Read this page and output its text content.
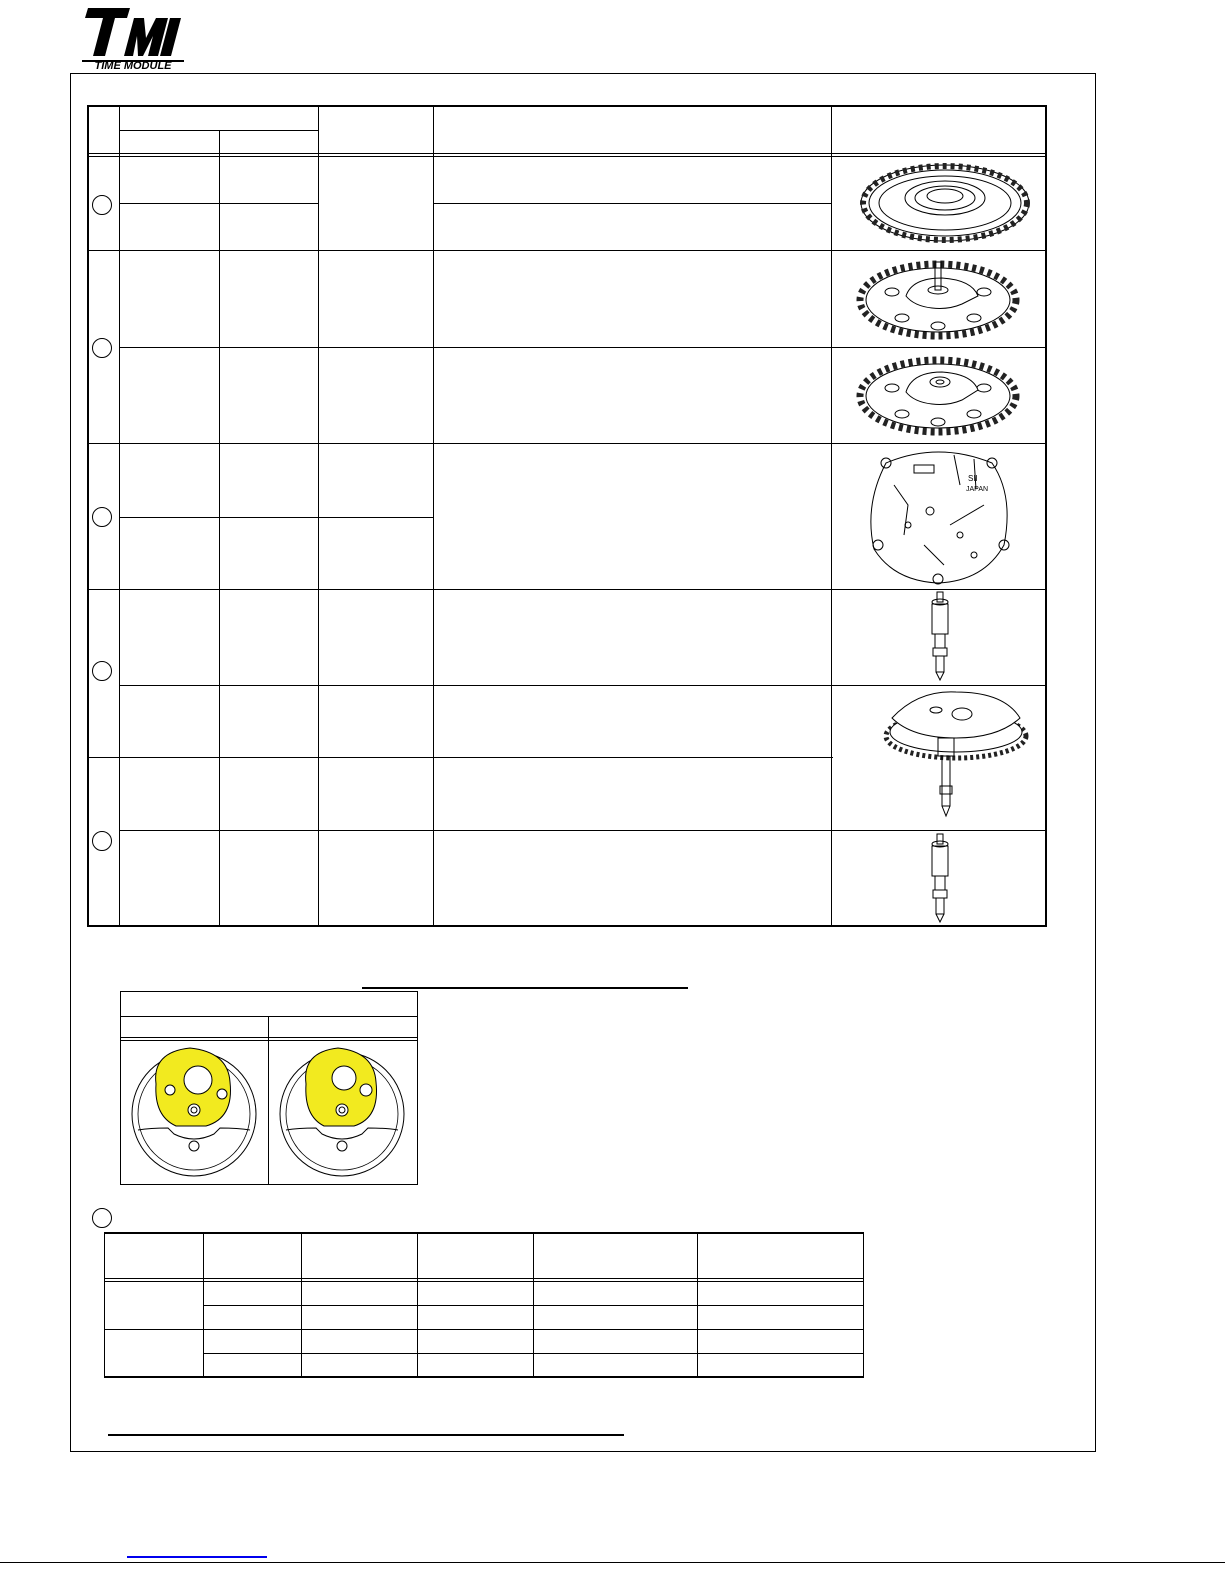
TIME MODULE
SII
JAPAN
